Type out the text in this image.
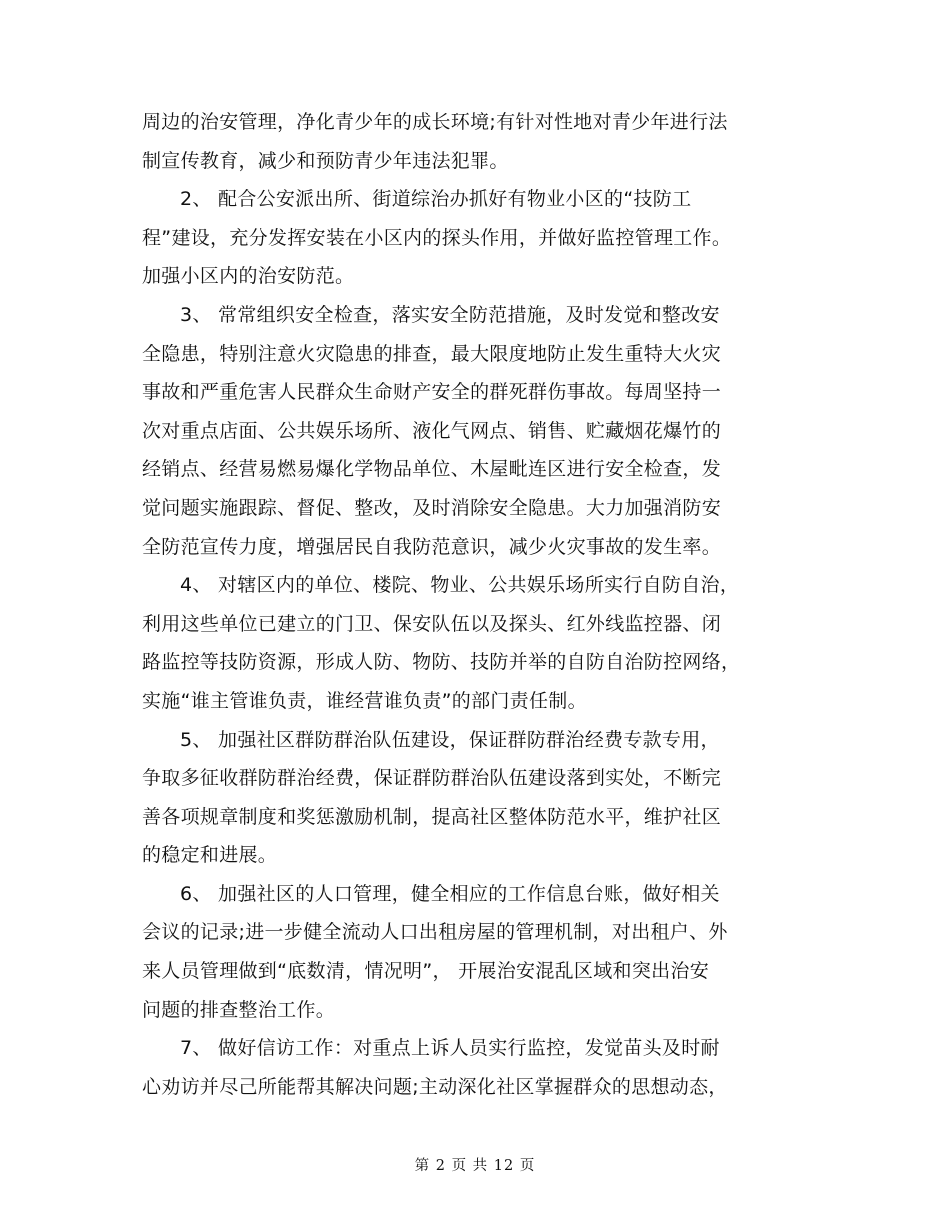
周边的治安管理，净化青少年的成长环境;有针对性地对青少年进行法

制宣传教育，减少和预防青少年违法犯罪。

2、 配合公安派出所、街道综治办抓好有物业小区的“技防工

程”建设，充分发挥安装在小区内的探头作用，并做好监控管理工作。

加强小区内的治安防范。

3、 常常组织安全检查，落实安全防范措施，及时发觉和整改安

全隐患，特别注意火灾隐患的排查，最大限度地防止发生重特大火灾

事故和严重危害人民群众生命财产安全的群死群伤事故。每周坚持一

次对重点店面、公共娱乐场所、液化气网点、销售、贮藏烟花爆竹的

经销点、经营易燃易爆化学物品单位、木屋毗连区进行安全检查，发

觉问题实施跟踪、督促、整改，及时消除安全隐患。大力加强消防安

全防范宣传力度，增强居民自我防范意识，减少火灾事故的发生率。

4、 对辖区内的单位、楼院、物业、公共娱乐场所实行自防自治，

利用这些单位已建立的门卫、保安队伍以及探头、红外线监控器、闭

路监控等技防资源，形成人防、物防、技防并举的自防自治防控网络，

实施“谁主管谁负责，谁经营谁负责”的部门责任制。

5、 加强社区群防群治队伍建设，保证群防群治经费专款专用，

争取多征收群防群治经费，保证群防群治队伍建设落到实处，不断完

善各项规章制度和奖惩激励机制，提高社区整体防范水平，维护社区

的稳定和进展。

6、 加强社区的人口管理，健全相应的工作信息台账，做好相关

会议的记录;进一步健全流动人口出租房屋的管理机制，对出租户、外

来人员管理做到“底数清，情况明”， 开展治安混乱区域和突出治安

问题的排查整治工作。

7、 做好信访工作：对重点上诉人员实行监控，发觉苗头及时耐

心劝访并尽己所能帮其解决问题;主动深化社区掌握群众的思想动态，

第 2 页 共 12 页
